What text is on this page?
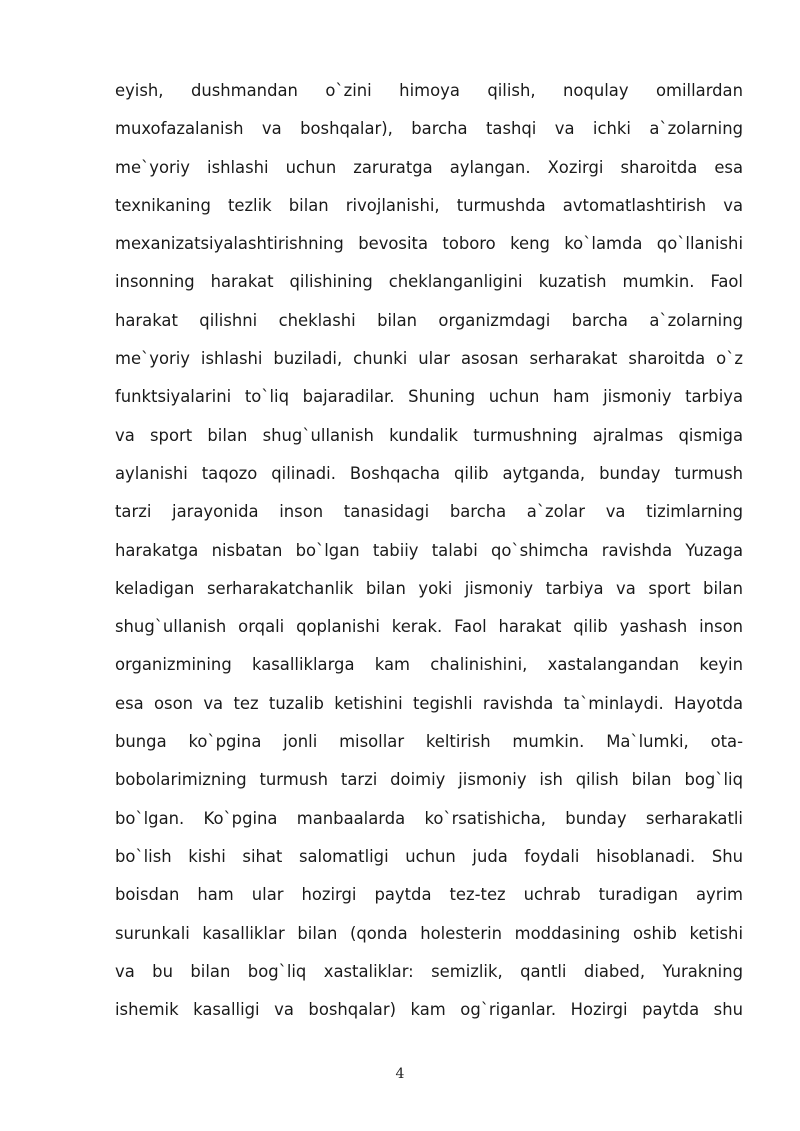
eyish, dushmandan o`zini himoya qilish, noqulay omillardan
muxofazalanish va boshqalar), barcha tashqi va ichki a`zolarning
me`yoriy ishlashi uchun zaruratga aylangan. Xozirgi sharoitda esa
texnikaning tezlik bilan rivojlanishi, turmushda avtomatlashtirish va
mexanizatsiyalashtirishning bevosita toboro keng ko`lamda qo`llanishi
insonning harakat qilishining cheklanganligini kuzatish mumkin. Faol
harakat qilishni cheklashi bilan organizmdagi barcha a`zolarning
me`yoriy ishlashi buziladi, chunki ular asosan serharakat sharoitda o`z
funktsiyalarini to`liq bajaradilar. Shuning uchun ham jismoniy tarbiya
va sport bilan shug`ullanish kundalik turmushning ajralmas qismiga
aylanishi taqozo qilinadi. Boshqacha qilib aytganda, bunday turmush
tarzi jarayonida inson tanasidagi barcha a`zolar va tizimlarning
harakatga nisbatan bo`lgan tabiiy talabi qo`shimcha ravishda Yuzaga
keladigan serharakatchanlik bilan yoki jismoniy tarbiya va sport bilan
shug`ullanish orqali qoplanishi kerak. Faol harakat qilib yashash inson
organizmining kasalliklarga kam chalinishini, xastalangandan keyin
esa oson va tez tuzalib ketishini tegishli ravishda ta`minlaydi. Hayotda
bunga ko`pgina jonli misollar keltirish mumkin. Ma`lumki, ota-
bobolarimizning turmush tarzi doimiy jismoniy ish qilish bilan bog`liq
bo`lgan. Ko`pgina manbaalarda ko`rsatishicha, bunday serharakatli
bo`lish kishi sihat salomatligi uchun juda foydali hisoblanadi. Shu
boisdan ham ular hozirgi paytda tez-tez uchrab turadigan ayrim
surunkali kasalliklar bilan (qonda holesterin moddasining oshib ketishi
va bu bilan bog`liq xastaliklar: semizlik, qantli diabed, Yurakning
ishemik kasalligi va boshqalar) kam og`riganlar. Hozirgi paytda shu
4
